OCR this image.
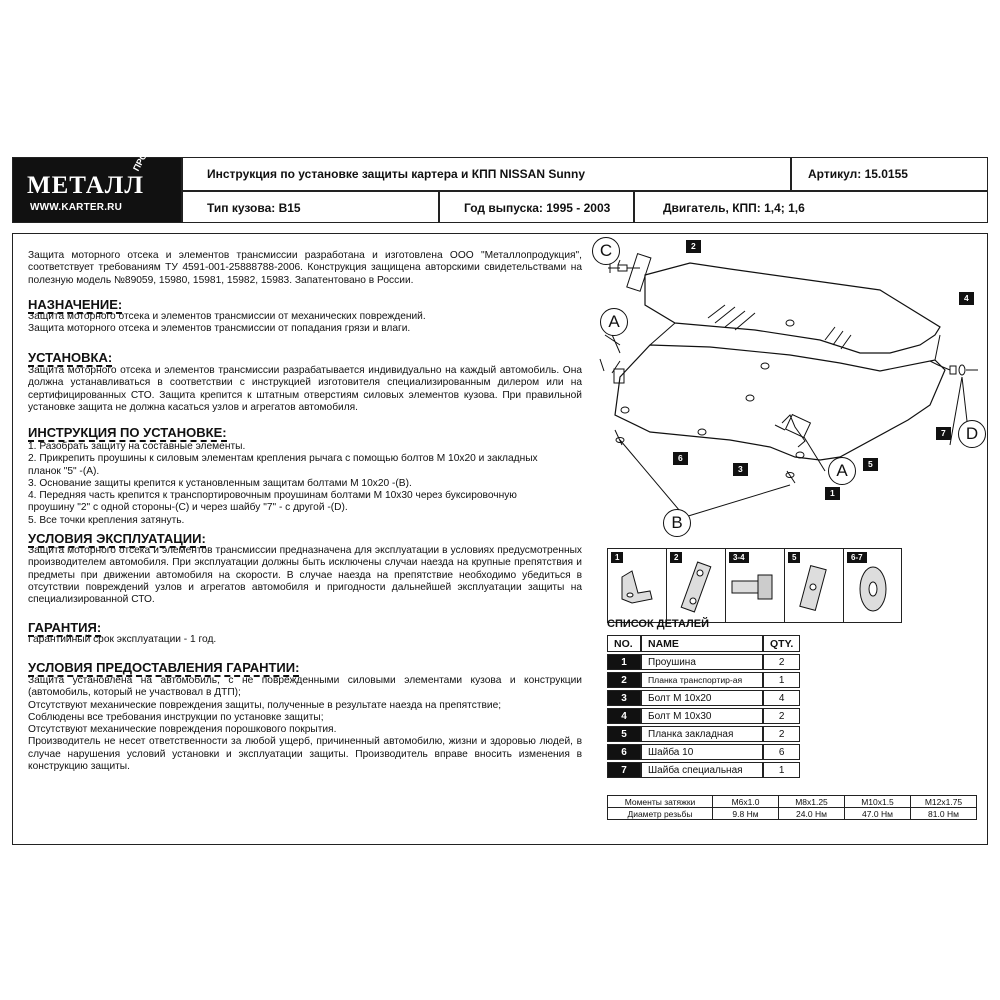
МЕТАЛЛ
ПРОДУКЦИЯ
WWW.KARTER.RU
Инструкция по установке защиты картера и КПП NISSAN Sunny	Артикул: 15.0155
Тип кузова: B15	Год выпуска: 1995 - 2003	Двигатель, КПП: 1,4; 1,6
Защита моторного отсека и элементов трансмиссии разработана и изготовлена ООО "Металлопродукция", соответствует требованиям ТУ 4591-001-25888788-2006. Конструкция защищена авторскими свидетельствами на полезную модель №89059, 15980, 15981, 15982, 15983. Запатентовано в России.
НАЗНАЧЕНИЕ:

Защита моторного отсека и элементов трансмиссии от механических повреждений.

Защита моторного отсека и элементов трансмиссии от попадания грязи и влаги.

УСТАНОВКА:
Защита моторного отсека и элементов трансмиссии разрабатывается индивидуально на каждый автомобиль. Она должна устанавливаться в соответствии с инструкцией изготовителя специализированным дилером или на сертифицированных СТО. Защита крепится к штатным отверстиям силовых элементов кузова. При правильной установке защита не должна касаться узлов и агрегатов автомобиля.
ИНСТРУКЦИЯ ПО УСТАНОВКЕ:

1. Разобрать защиту на составные элементы.

2. Прикрепить проушины к силовым элементам крепления рычага с помощью болтов М 10х20 и закладных

планок "5" -(А).

3. Основание защиты крепится к установленным защитам болтами М 10х20 -(В).

4. Передняя часть крепится к транспортировочным проушинам болтами М 10х30 через буксировочную

проушину "2" с одной стороны-(С) и через шайбу "7" - с другой -(D).

5. Все точки крепления затянуть.

УСЛОВИЯ ЭКСПЛУАТАЦИИ:
Защита моторного отсека и элементов трансмиссии предназначена для эксплуатации в условиях предусмотренных производителем автомобиля. При эксплуатации должны быть исключены случаи наезда на крупные препятствия и предметы при движении автомобиля на скорости. В случае наезда на препятствие необходимо убедиться в отсутствии повреждений узлов и агрегатов автомобиля и пригодности дальнейшей эксплуатации защиты на специализированной СТО.
ГАРАНТИЯ:
Гарантийный срок эксплуатации - 1 год.
УСЛОВИЯ ПРЕДОСТАВЛЕНИЯ ГАРАНТИИ:

Защита установлена на автомобиль, с не поврежденными силовыми элементами кузова и конструкции (автомобиль, который не участвовал в ДТП);

Отсутствуют механические повреждения защиты, полученные в результате наезда на препятствие;

Соблюдены все требования инструкции по установке защиты;

Отсутствуют механические повреждения порошкового покрытия.

Производитель не несет ответственности за любой ущерб, причиненный автомобилю, жизни и здоровью людей, в случае нарушения условий установки и эксплуатации защиты. Производитель вправе вносить изменения в конструкцию защиты.

2
4
7
6
3	5
1
C
A
D
A
B
1	2	3-4	5	6-7
СПИСОК ДЕТАЛЕЙ
NO.	NAME	QTY.
1	Проушина	2
2	Планка транспортир-ая	1
3	Болт М 10х20	4
4	Болт М 10х30	2
5	Планка закладная	2
6	Шайба 10	6
7	Шайба специальная	1
Моменты затяжки	M6x1.0	M8x1.25	M10x1.5	M12x1.75
Диаметр резьбы	9.8 Нм	24.0 Нм	47.0 Нм	81.0 Нм
